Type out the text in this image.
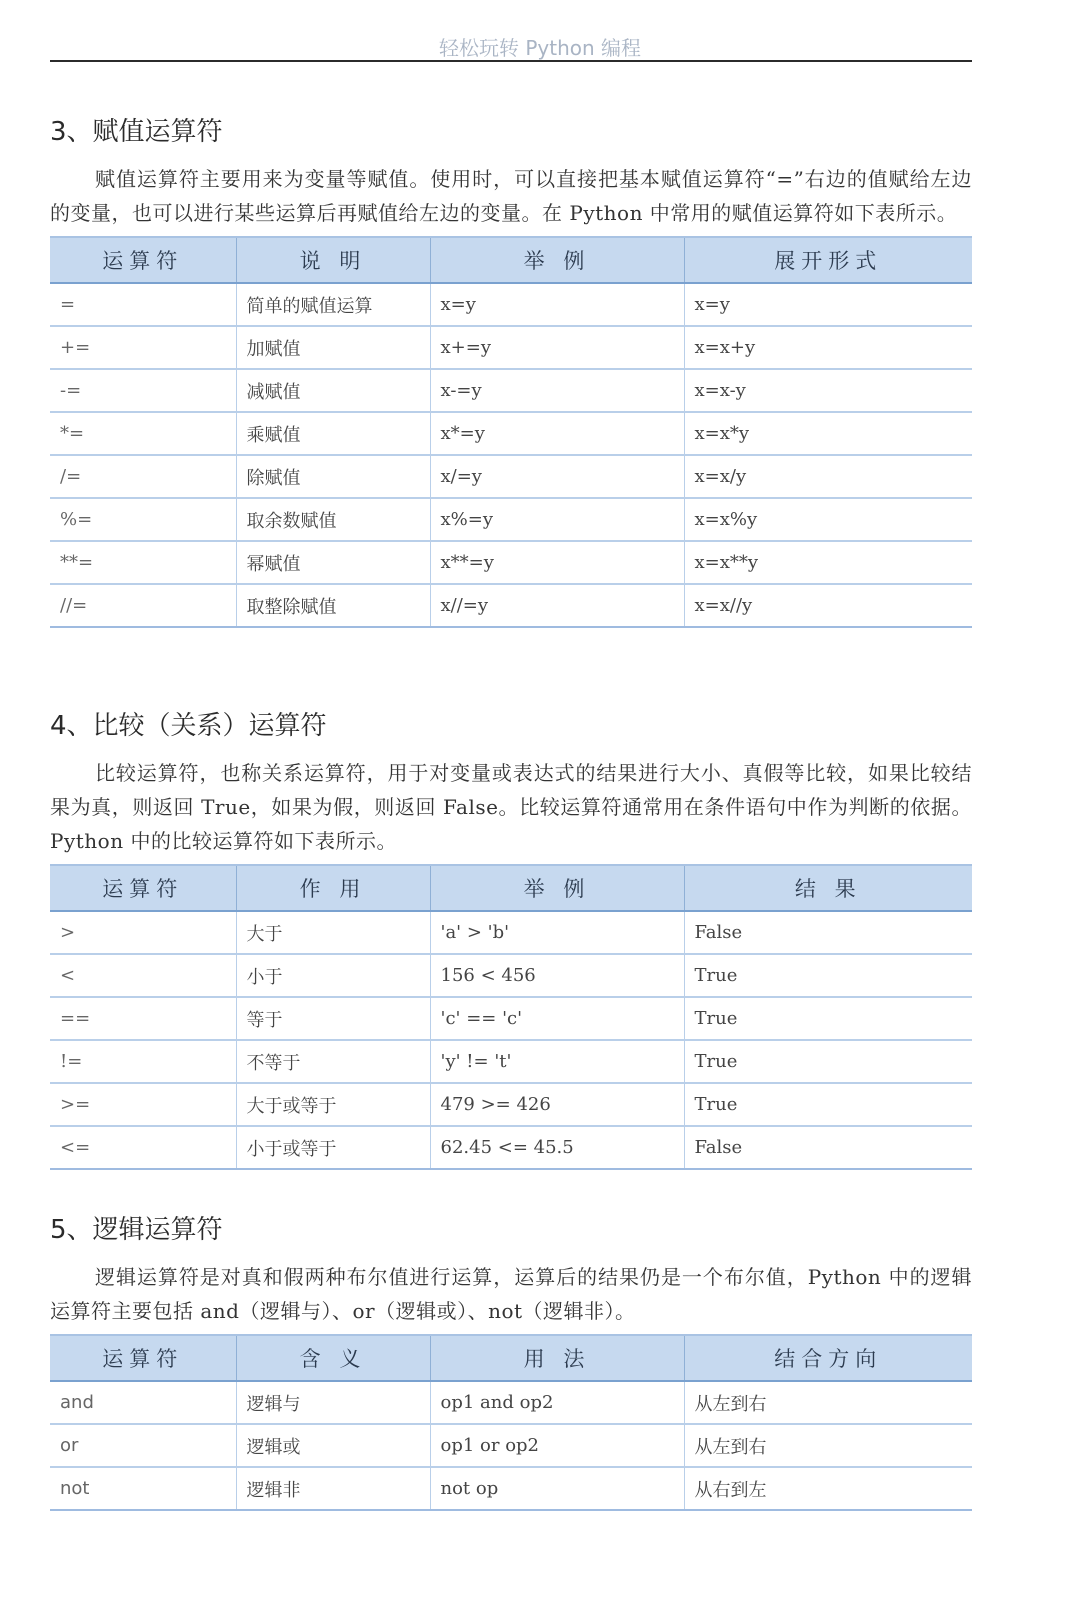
轻松玩转 Python 编程
3、赋值运算符

赋值运算符主要用来为变量等赋值。使用时，可以直接把基本赋值运算符“=”右边的值赋给左边的变量，也可以进行某些运算后再赋值给左边的变量。在 Python 中常用的赋值运算符如下表所示。

运算符	说 明	举 例	展开形式
=	简单的赋值运算	x=y	x=y
+=	加赋值	x+=y	x=x+y
-=	减赋值	x-=y	x=x-y
*=	乘赋值	x*=y	x=x*y
/=	除赋值	x/=y	x=x/y
%=	取余数赋值	x%=y	x=x%y
**=	幂赋值	x**=y	x=x**y
//=	取整除赋值	x//=y	x=x//y
4、比较（关系）运算符

比较运算符，也称关系运算符，用于对变量或表达式的结果进行大小、真假等比较，如果比较结果为真，则返回 True，如果为假，则返回 False。比较运算符通常用在条件语句中作为判断的依据。Python 中的比较运算符如下表所示。

运算符	作 用	举 例	结 果
>	大于	'a' > 'b'	False
<	小于	156 < 456	True
==	等于	'c' == 'c'	True
!=	不等于	'y' != 't'	True
>=	大于或等于	479 >= 426	True
<=	小于或等于	62.45 <= 45.5	False
5、逻辑运算符

逻辑运算符是对真和假两种布尔值进行运算，运算后的结果仍是一个布尔值，Python 中的逻辑运算符主要包括 and（逻辑与）、or（逻辑或）、not（逻辑非）。

运算符	含 义	用 法	结合方向
and	逻辑与	op1 and op2	从左到右
or	逻辑或	op1 or op2	从左到右
not	逻辑非	not op	从右到左
